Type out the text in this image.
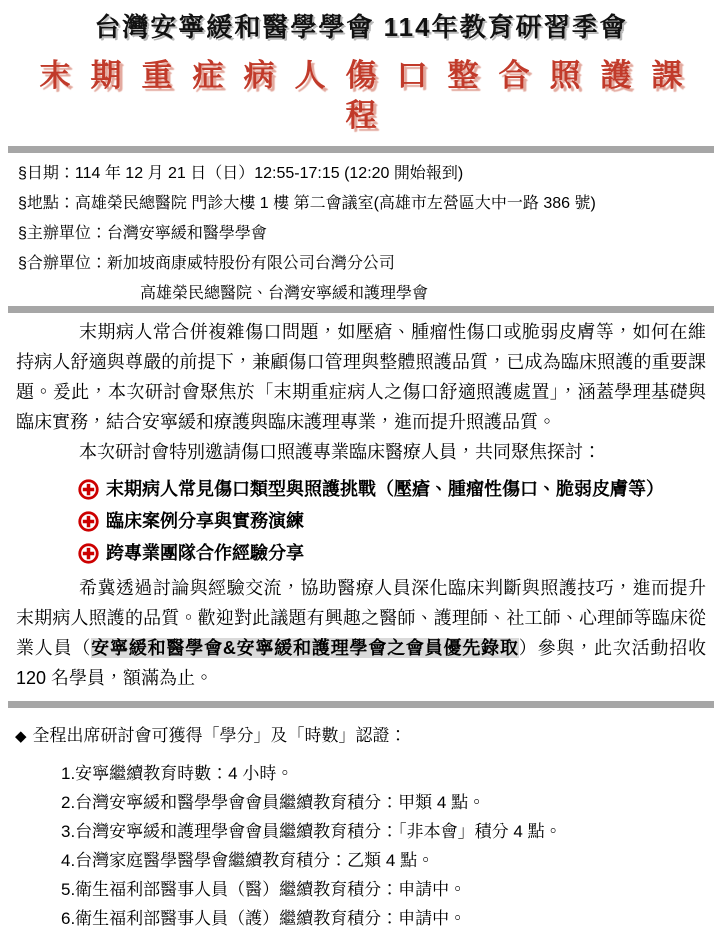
台灣安寧緩和醫學學會 114年教育研習季會
末期重症病人傷口整合照護課程
§日期：114 年 12 月 21 日（日）12:55-17:15 (12:20 開始報到)
§地點：高雄榮民總醫院 門診大樓 1 樓 第二會議室(高雄市左營區大中一路 386 號)
§主辦單位：台灣安寧緩和醫學學會
§合辦單位：新加坡商康威特股份有限公司台灣分公司
高雄榮民總醫院、台灣安寧緩和護理學會

末期病人常合併複雜傷口問題，如壓瘡、腫瘤性傷口或脆弱皮膚等，如何在維持病人舒適與尊嚴的前提下，兼顧傷口管理與整體照護品質，已成為臨床照護的重要課題。爰此，本次研討會聚焦於「末期重症病人之傷口舒適照護處置」，涵蓋學理基礎與臨床實務，結合安寧緩和療護與臨床護理專業，進而提升照護品質。

本次研討會特別邀請傷口照護專業臨床醫療人員，共同聚焦探討：

末期病人常見傷口類型與照護挑戰（壓瘡、腫瘤性傷口、脆弱皮膚等）
臨床案例分享與實務演練
跨專業團隊合作經驗分享

希冀透過討論與經驗交流，協助醫療人員深化臨床判斷與照護技巧，進而提升末期病人照護的品質。歡迎對此議題有興趣之醫師、護理師、社工師、心理師等臨床從業人員（安寧緩和醫學會&安寧緩和護理學會之會員優先錄取）參與，此次活動招收 120 名學員，額滿為止。

◆ 全程出席研討會可獲得「學分」及「時數」認證：
1.安寧繼續教育時數：4 小時。
2.台灣安寧緩和醫學學會會員繼續教育積分：甲類 4 點。
3.台灣安寧緩和護理學會會員繼續教育積分：「非本會」積分 4 點。
4.台灣家庭醫學醫學會繼續教育積分：乙類 4 點。
5.衛生福利部醫事人員（醫）繼續教育積分：申請中。
6.衛生福利部醫事人員（護）繼續教育積分：申請中。
